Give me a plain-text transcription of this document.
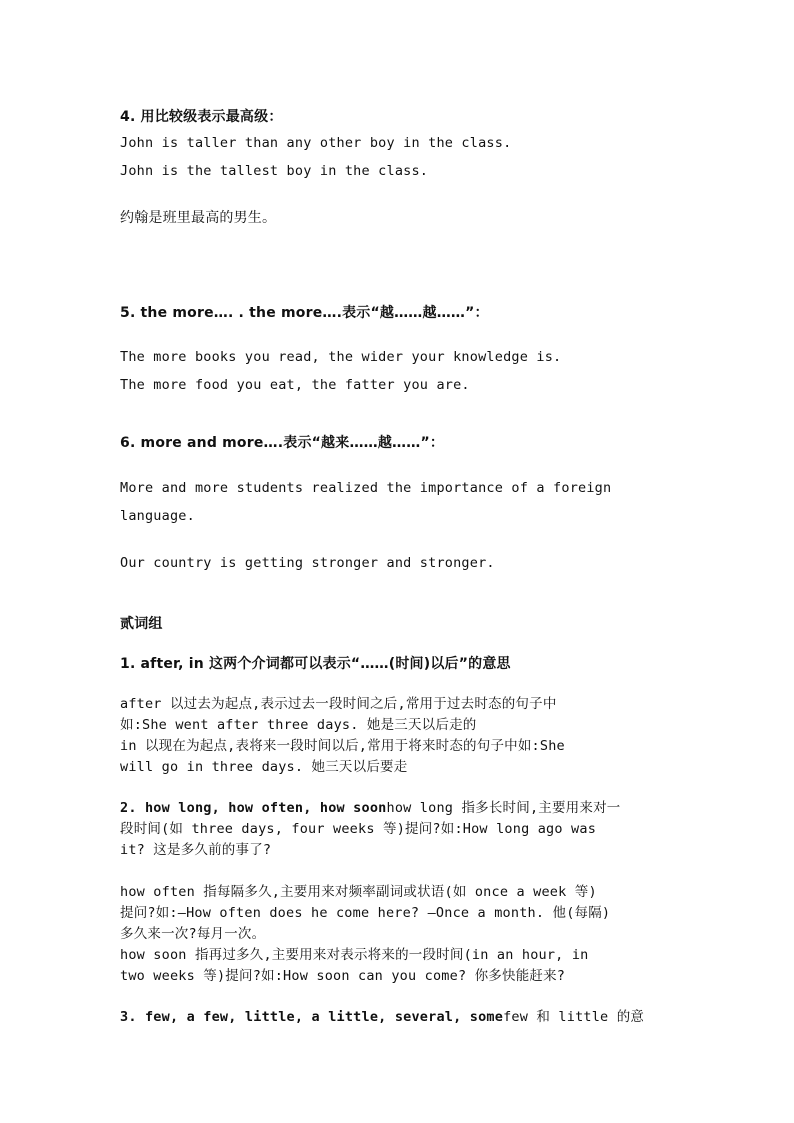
4. 用比较级表示最高级：
John is taller than any other boy in the class.
John is the tallest boy in the class.
约翰是班里最高的男生。
5. the more…. . the more….表示“越……越……”：
The more books you read, the wider your knowledge is.
The more food you eat, the fatter you are.
6. more and more….表示“越来……越……”：
More and more students realized the importance of a foreign
language.
Our country is getting stronger and stronger.
贰词组
1. after, in 这两个介词都可以表示“……(时间)以后”的意思
after 以过去为起点,表示过去一段时间之后,常用于过去时态的句子中
如:She went after three days. 她是三天以后走的
in 以现在为起点,表将来一段时间以后,常用于将来时态的句子中如:She
will go in three days. 她三天以后要走
2. how long, how often, how soonhow long 指多长时间,主要用来对一
段时间(如 three days, four weeks 等)提问?如:How long ago was
it? 这是多久前的事了?
how often 指每隔多久,主要用来对频率副词或状语(如 once a week 等)
提问?如:—How often does he come here? —Once a month. 他(每隔)
多久来一次?每月一次。
how soon 指再过多久,主要用来对表示将来的一段时间(in an hour, in
two weeks 等)提问?如:How soon can you come? 你多快能赶来?
3. few, a few, little, a little, several, somefew 和 little 的意
